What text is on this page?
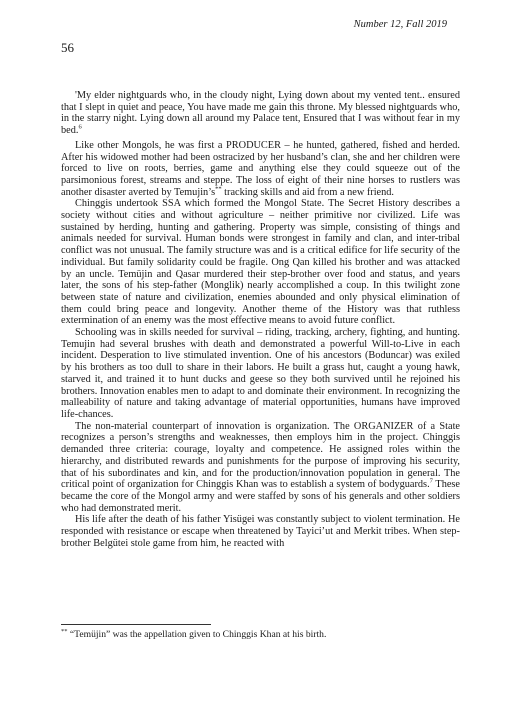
Number 12, Fall 2019
56

'My elder nightguards who, in the cloudy night, Lying down about my vented tent.. ensured that I slept in quiet and peace, You have made me gain this throne. My blessed nightguards who, in the starry night. Lying down all around my Palace tent, Ensured that I was without fear in my bed.$^6$

Like other Mongols, he was first a PRODUCER – he hunted, gathered, fished and herded. After his widowed mother had been ostracized by her husband’s clan, she and her children were forced to live on roots, berries, game and anything else they could squeeze out of the parsimonious forest, streams and steppe. The loss of eight of their nine horses to rustlers was another disaster averted by Temujin’s** tracking skills and aid from a new friend.

Chinggis undertook SSA which formed the Mongol State. The Secret History describes a society without cities and without agriculture – neither primitive nor civilized. Life was sustained by herding, hunting and gathering. Property was simple, consisting of things and animals needed for survival. Human bonds were strongest in family and clan, and inter-tribal conflict was not unusual. The family structure was and is a critical edifice for life security of the individual. But family solidarity could be fragile. Ong Qan killed his brother and was attacked by an uncle. Temüjin and Qasar murdered their step-brother over food and status, and years later, the sons of his step-father (Monglik) nearly accomplished a coup. In this twilight zone between state of nature and civilization, enemies abounded and only physical elimination of them could bring peace and longevity. Another theme of the History was that ruthless extermination of an enemy was the most effective means to avoid future conflict.

Schooling was in skills needed for survival – riding, tracking, archery, fighting, and hunting. Temujin had several brushes with death and demonstrated a powerful Will-to-Live in each incident. Desperation to live stimulated invention. One of his ancestors (Boduncar) was exiled by his brothers as too dull to share in their labors. He built a grass hut, caught a young hawk, starved it, and trained it to hunt ducks and geese so they both survived until he rejoined his brothers. Innovation enables men to adapt to and dominate their environment. In recognizing the malleability of nature and taking advantage of material opportunities, humans have improved life-chances.

The non-material counterpart of innovation is organization. The ORGANIZER of a State recognizes a person’s strengths and weaknesses, then employs him in the project. Chinggis demanded three criteria: courage, loyalty and competence. He assigned roles within the hierarchy, and distributed rewards and punishments for the purpose of improving his security, that of his subordinates and kin, and for the production/innovation population in general. The critical point of organization for Chinggis Khan was to establish a system of bodyguards.$^7$ These became the core of the Mongol army and were staffed by sons of his generals and other soldiers who had demonstrated merit.

His life after the death of his father Yisügei was constantly subject to violent termination. He responded with resistance or escape when threatened by Tayici’ut and Merkit tribes. When step-brother Belgütei stole game from him, he reacted with

** “Temüjin” was the appellation given to Chinggis Khan at his birth.
